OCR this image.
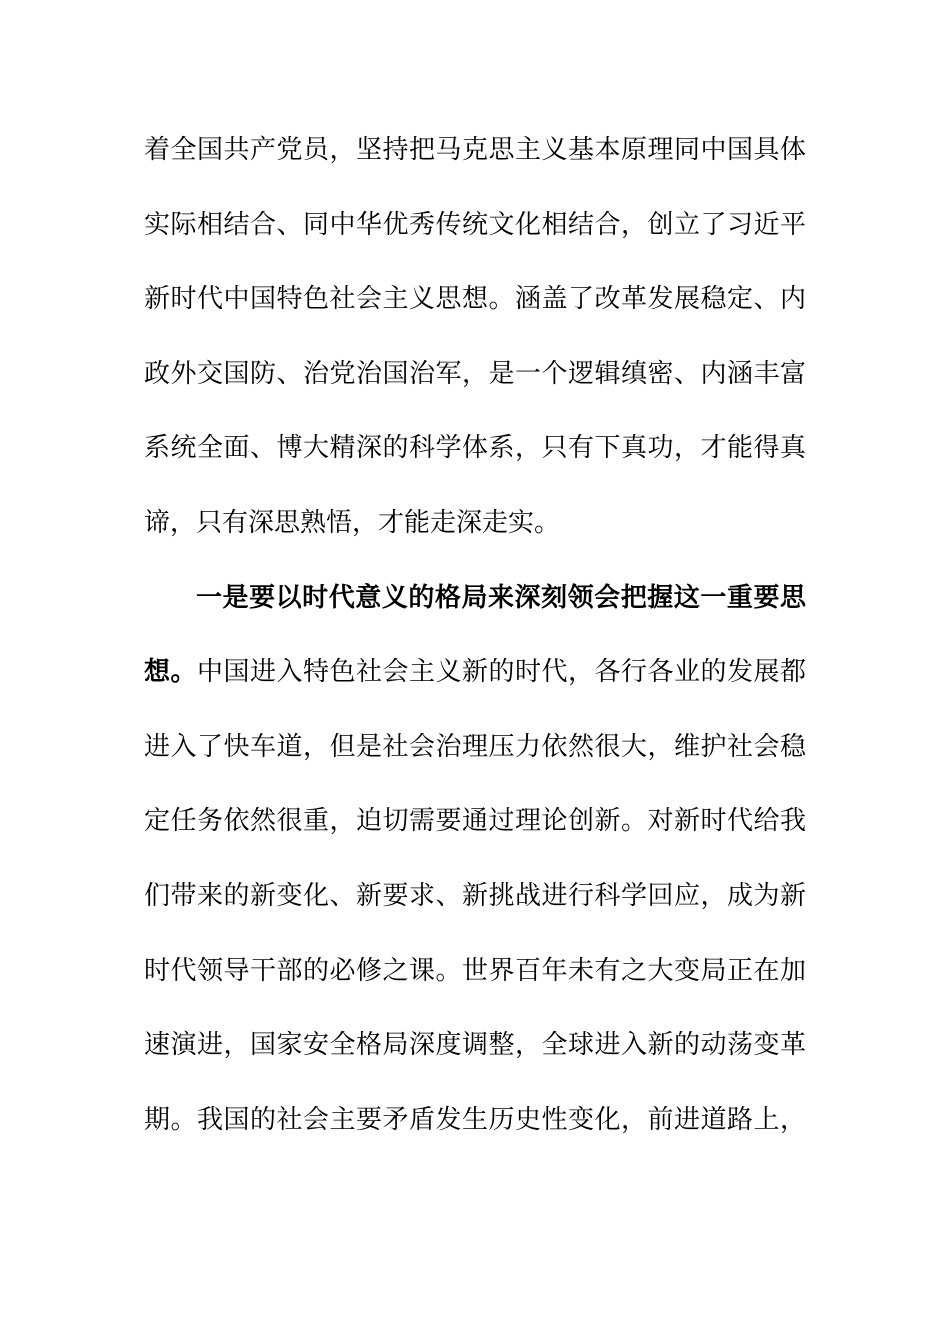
着全国共产党员，坚持把马克思主义基本原理同中国具体
实际相结合、同中华优秀传统文化相结合，创立了习近平
新时代中国特色社会主义思想。涵盖了改革发展稳定、内
政外交国防、治党治国治军，是一个逻辑缜密、内涵丰富
系统全面、博大精深的科学体系，只有下真功，才能得真
谛，只有深思熟悟，才能走深走实。
一是要以时代意义的格局来深刻领会把握这一重要思
想。中国进入特色社会主义新的时代，各行各业的发展都
进入了快车道，但是社会治理压力依然很大，维护社会稳
定任务依然很重，迫切需要通过理论创新。对新时代给我
们带来的新变化、新要求、新挑战进行科学回应，成为新
时代领导干部的必修之课。世界百年未有之大变局正在加
速演进，国家安全格局深度调整，全球进入新的动荡变革
期。我国的社会主要矛盾发生历史性变化，前进道路上，
